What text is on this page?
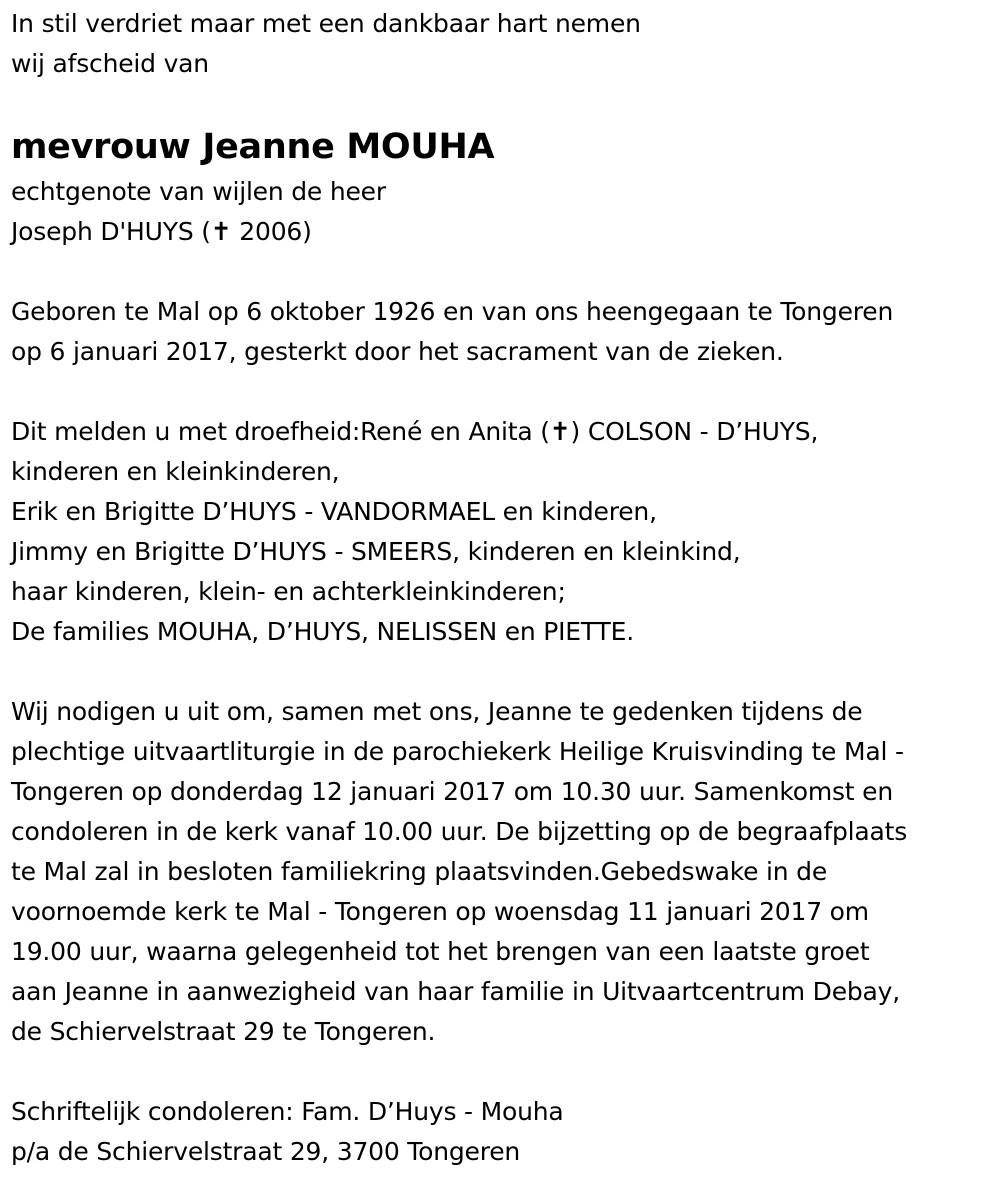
In stil verdriet maar met een dankbaar hart nemen
wij afscheid van
mevrouw Jeanne MOUHA
echtgenote van wijlen de heer
Joseph D'HUYS (✝ 2006)
Geboren te Mal op 6 oktober 1926 en van ons heengegaan te Tongeren
op 6 januari 2017, gesterkt door het sacrament van de zieken.
Dit melden u met droefheid:René en Anita (✝) COLSON - D’HUYS,
kinderen en kleinkinderen,
Erik en Brigitte D’HUYS - VANDORMAEL en kinderen,
Jimmy en Brigitte D’HUYS - SMEERS, kinderen en kleinkind,
haar kinderen, klein- en achterkleinkinderen;
De families MOUHA, D’HUYS, NELISSEN en PIETTE.
Wij nodigen u uit om, samen met ons, Jeanne te gedenken tijdens de
plechtige uitvaartliturgie in de parochiekerk Heilige Kruisvinding te Mal -
Tongeren op donderdag 12 januari 2017 om 10.30 uur. Samenkomst en
condoleren in de kerk vanaf 10.00 uur. De bijzetting op de begraafplaats
te Mal zal in besloten familiekring plaatsvinden.Gebedswake in de
voornoemde kerk te Mal - Tongeren op woensdag 11 januari 2017 om
19.00 uur, waarna gelegenheid tot het brengen van een laatste groet
aan Jeanne in aanwezigheid van haar familie in Uitvaartcentrum Debay,
de Schiervelstraat 29 te Tongeren.
Schriftelijk condoleren: Fam. D’Huys - Mouha
p/a de Schiervelstraat 29, 3700 Tongeren
